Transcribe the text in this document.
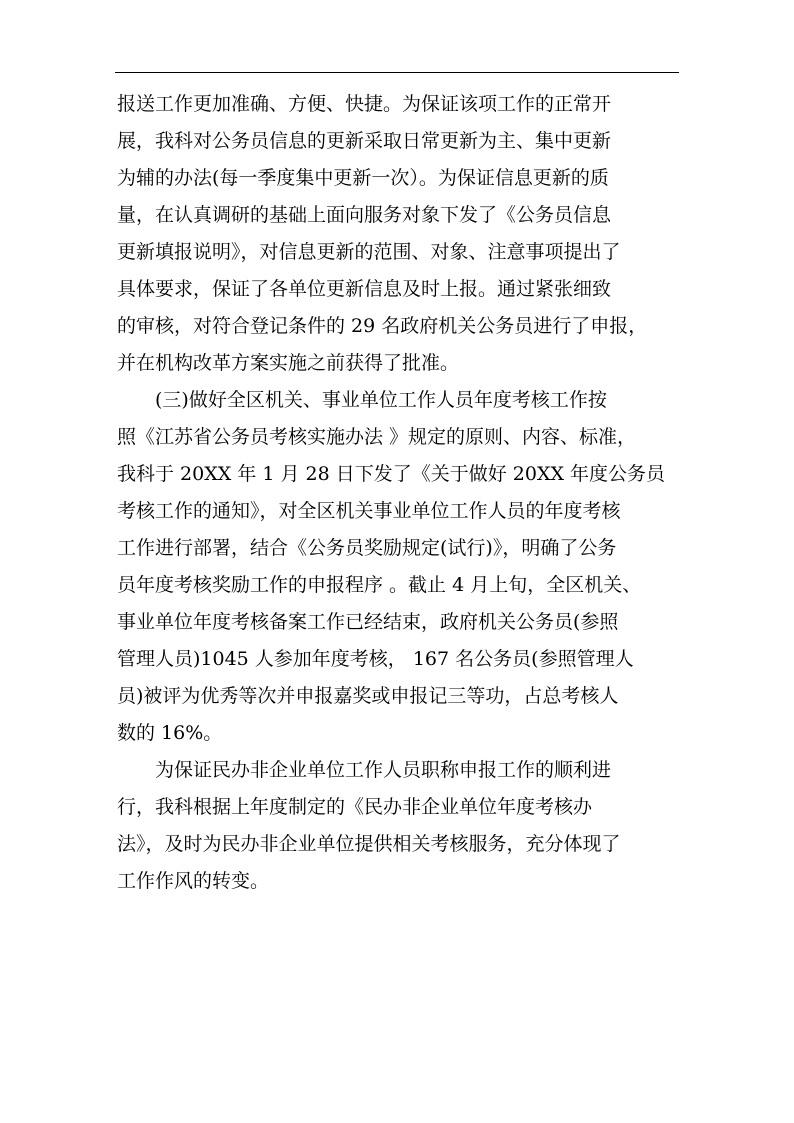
报送工作更加准确、方便、快捷。为保证该项工作的正常开
展，我科对公务员信息的更新采取日常更新为主、集中更新
为辅的办法(每一季度集中更新一次）。为保证信息更新的质
量，在认真调研的基础上面向服务对象下发了《公务员信息
更新填报说明》，对信息更新的范围、对象、注意事项提出了
具体要求，保证了各单位更新信息及时上报。通过紧张细致
的审核，对符合登记条件的 29 名政府机关公务员进行了申报，
并在机构改革方案实施之前获得了批准。
(三)做好全区机关、事业单位工作人员年度考核工作按
照《江苏省公务员考核实施办法 》规定的原则、内容、标准，
我科于 20XX 年 1 月 28 日下发了《关于做好 20XX 年度公务员
考核工作的通知》，对全区机关事业单位工作人员的年度考核
工作进行部署，结合《公务员奖励规定(试行)》，明确了公务
员年度考核奖励工作的申报程序 。截止 4 月上旬，全区机关、
事业单位年度考核备案工作已经结束，政府机关公务员(参照
管理人员)1045 人参加年度考核， 167 名公务员(参照管理人
员)被评为优秀等次并申报嘉奖或申报记三等功，占总考核人
数的 16%。
为保证民办非企业单位工作人员职称申报工作的顺利进
行，我科根据上年度制定的《民办非企业单位年度考核办
法》，及时为民办非企业单位提供相关考核服务，充分体现了
工作作风的转变。
